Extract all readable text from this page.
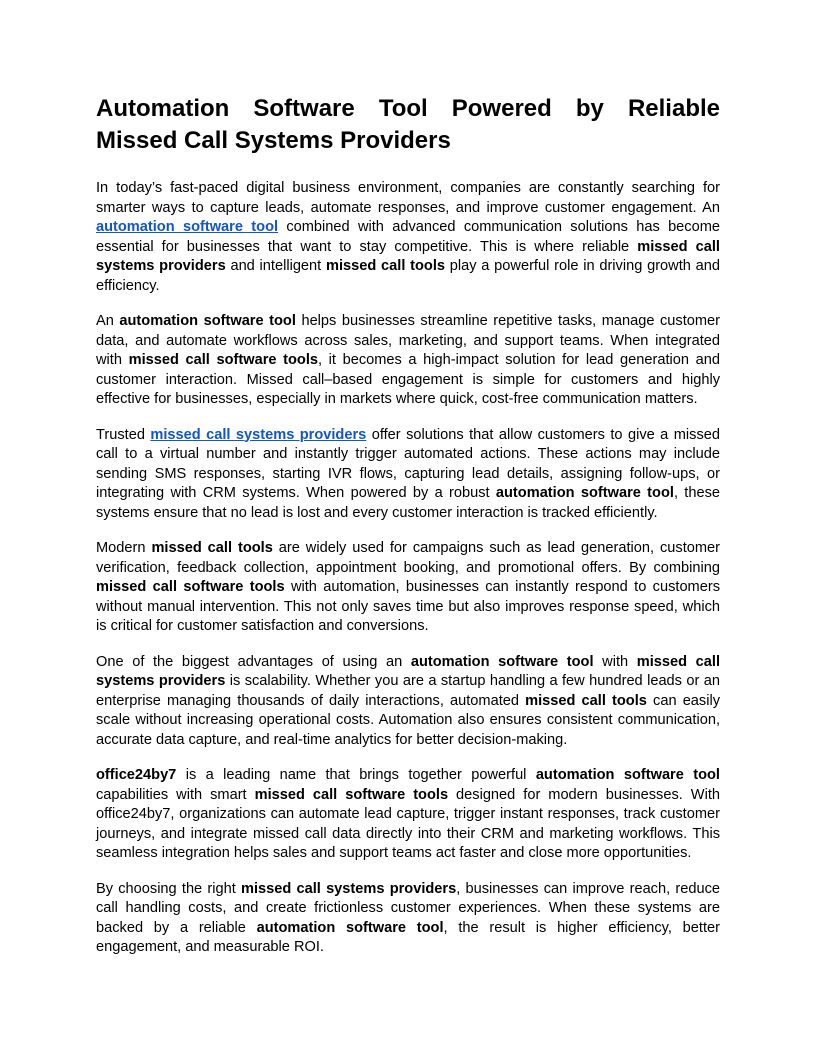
Automation Software Tool Powered by Reliable
Missed Call Systems Providers

In today’s fast-paced digital business environment, companies are constantly searching for smarter ways to capture leads, automate responses, and improve customer engagement. An automation software tool combined with advanced communication solutions has become essential for businesses that want to stay competitive. This is where reliable missed call systems providers and intelligent missed call tools play a powerful role in driving growth and efficiency.

An automation software tool helps businesses streamline repetitive tasks, manage customer data, and automate workflows across sales, marketing, and support teams. When integrated with missed call software tools, it becomes a high-impact solution for lead generation and customer interaction. Missed call–based engagement is simple for customers and highly effective for businesses, especially in markets where quick, cost-free communication matters.

Trusted missed call systems providers offer solutions that allow customers to give a missed call to a virtual number and instantly trigger automated actions. These actions may include sending SMS responses, starting IVR flows, capturing lead details, assigning follow-ups, or integrating with CRM systems. When powered by a robust automation software tool, these systems ensure that no lead is lost and every customer interaction is tracked efficiently.

Modern missed call tools are widely used for campaigns such as lead generation, customer verification, feedback collection, appointment booking, and promotional offers. By combining missed call software tools with automation, businesses can instantly respond to customers without manual intervention. This not only saves time but also improves response speed, which is critical for customer satisfaction and conversions.

One of the biggest advantages of using an automation software tool with missed call systems providers is scalability. Whether you are a startup handling a few hundred leads or an enterprise managing thousands of daily interactions, automated missed call tools can easily scale without increasing operational costs. Automation also ensures consistent communication, accurate data capture, and real-time analytics for better decision-making.

office24by7 is a leading name that brings together powerful automation software tool capabilities with smart missed call software tools designed for modern businesses. With office24by7, organizations can automate lead capture, trigger instant responses, track customer journeys, and integrate missed call data directly into their CRM and marketing workflows. This seamless integration helps sales and support teams act faster and close more opportunities.

By choosing the right missed call systems providers, businesses can improve reach, reduce call handling costs, and create frictionless customer experiences. When these systems are backed by a reliable automation software tool, the result is higher efficiency, better engagement, and measurable ROI.
